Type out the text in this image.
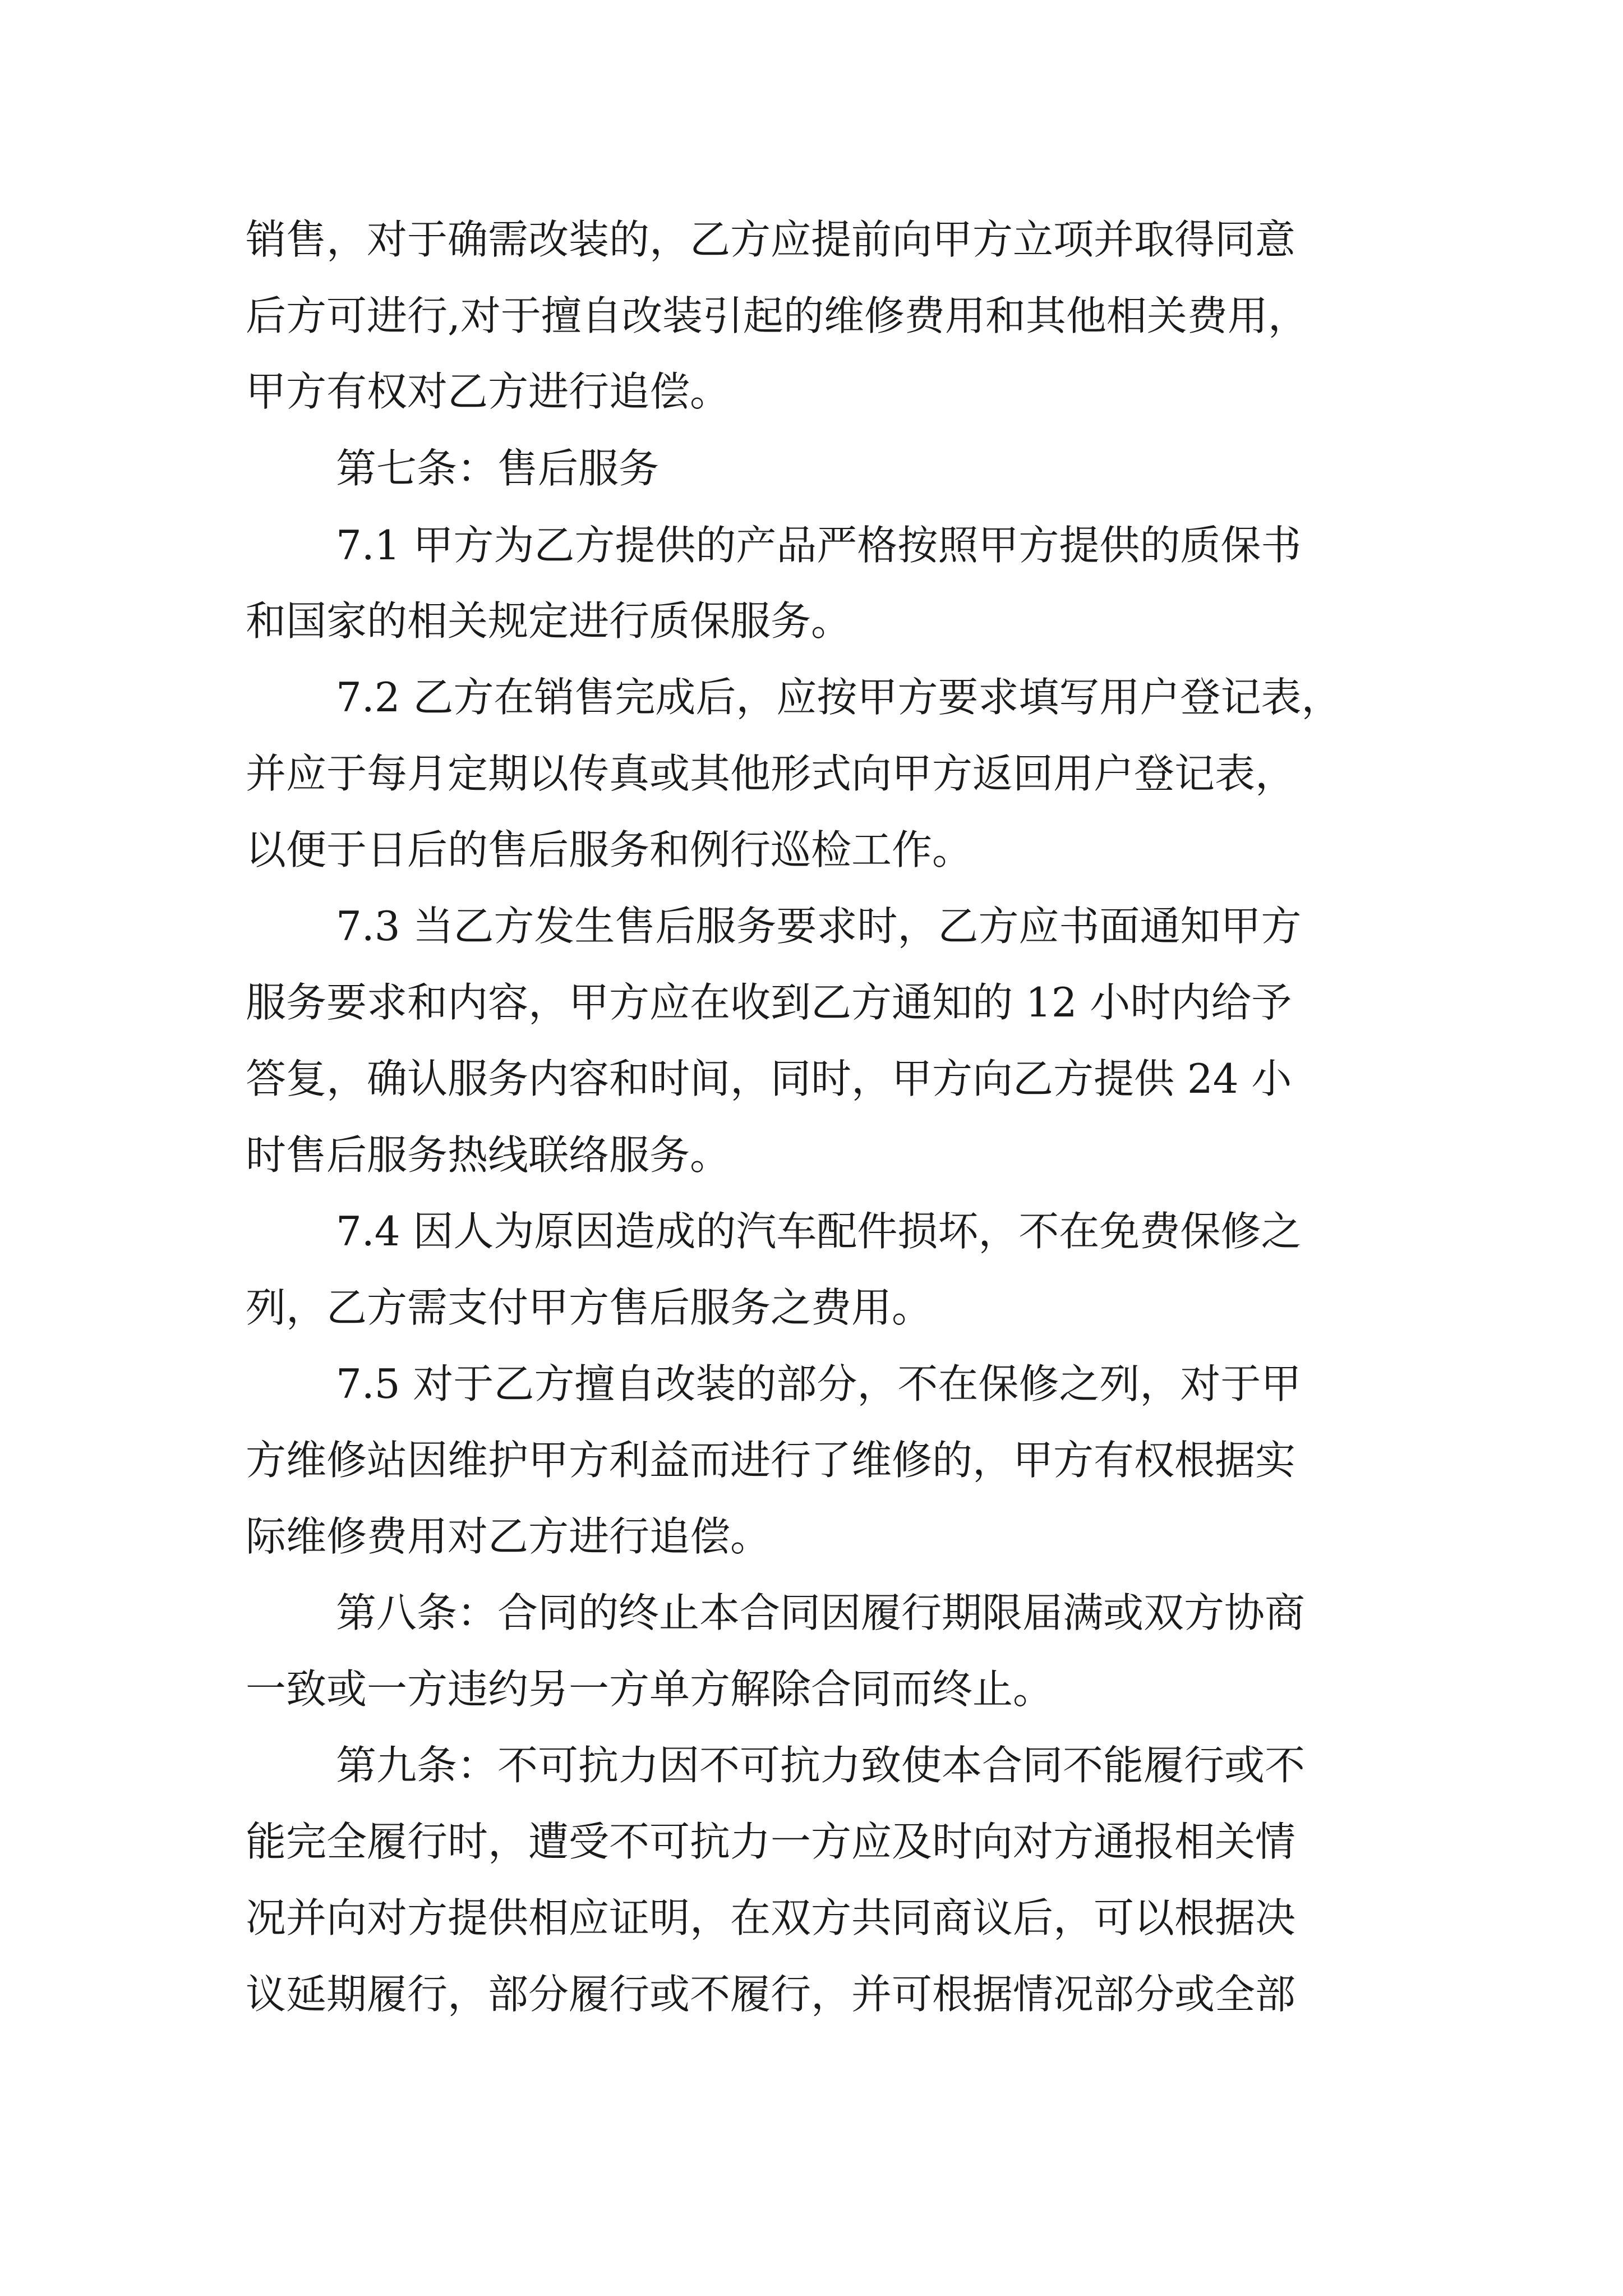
销售，对于确需改装的，乙方应提前向甲方立项并取得同意
后方可进行,对于擅自改装引起的维修费用和其他相关费用，
甲方有权对乙方进行追偿。
第七条：售后服务
7.1 甲方为乙方提供的产品严格按照甲方提供的质保书
和国家的相关规定进行质保服务。
7.2 乙方在销售完成后，应按甲方要求填写用户登记表，
并应于每月定期以传真或其他形式向甲方返回用户登记表，
以便于日后的售后服务和例行巡检工作。
7.3 当乙方发生售后服务要求时，乙方应书面通知甲方
服务要求和内容，甲方应在收到乙方通知的 12 小时内给予
答复，确认服务内容和时间，同时，甲方向乙方提供 24 小
时售后服务热线联络服务。
7.4 因人为原因造成的汽车配件损坏，不在免费保修之
列，乙方需支付甲方售后服务之费用。
7.5 对于乙方擅自改装的部分，不在保修之列，对于甲
方维修站因维护甲方利益而进行了维修的，甲方有权根据实
际维修费用对乙方进行追偿。
第八条：合同的终止本合同因履行期限届满或双方协商
一致或一方违约另一方单方解除合同而终止。
第九条：不可抗力因不可抗力致使本合同不能履行或不
能完全履行时，遭受不可抗力一方应及时向对方通报相关情
况并向对方提供相应证明，在双方共同商议后，可以根据决
议延期履行，部分履行或不履行，并可根据情况部分或全部
